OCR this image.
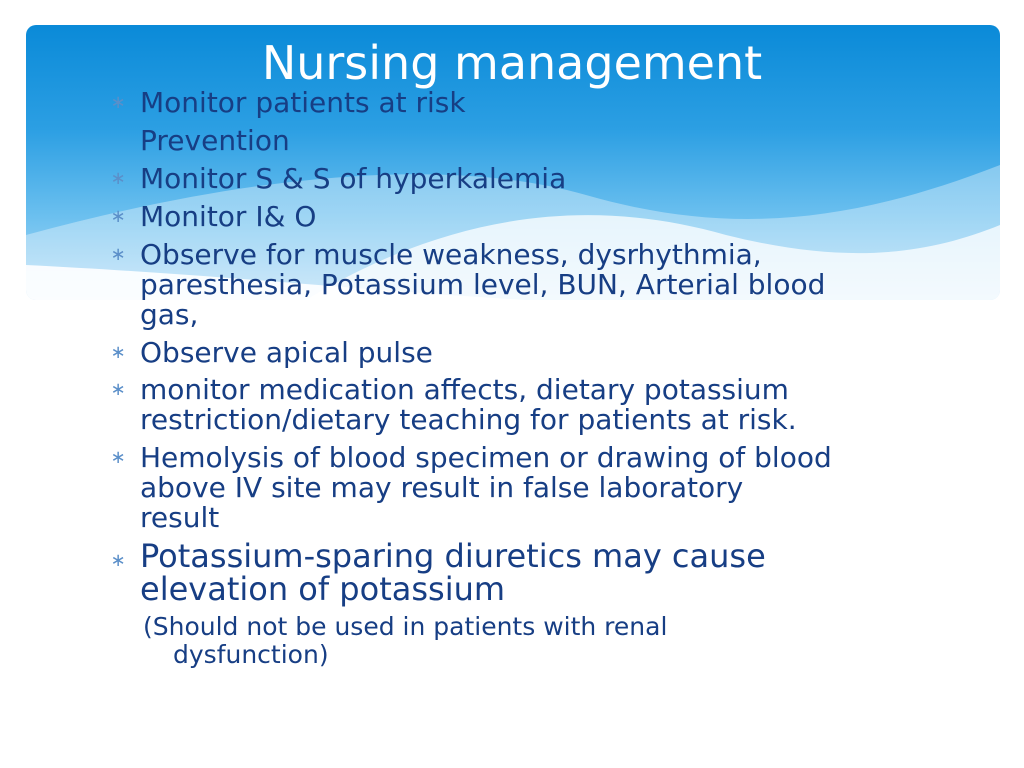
Nursing management
∗ Monitor patients at risk
Prevention
∗ Monitor S & S of hyperkalemia
∗ Monitor I& O
∗ Observe for muscle weakness, dysrhythmia,
paresthesia, Potassium level, BUN, Arterial blood
gas,
∗ Observe apical pulse
∗ monitor medication affects, dietary potassium
restriction/dietary teaching for patients at risk.
∗ Hemolysis of blood specimen or drawing of blood
above IV site may result in false laboratory
result
∗ Potassium-sparing diuretics may cause
elevation of potassium
(Should not be used in patients with renal
dysfunction)
